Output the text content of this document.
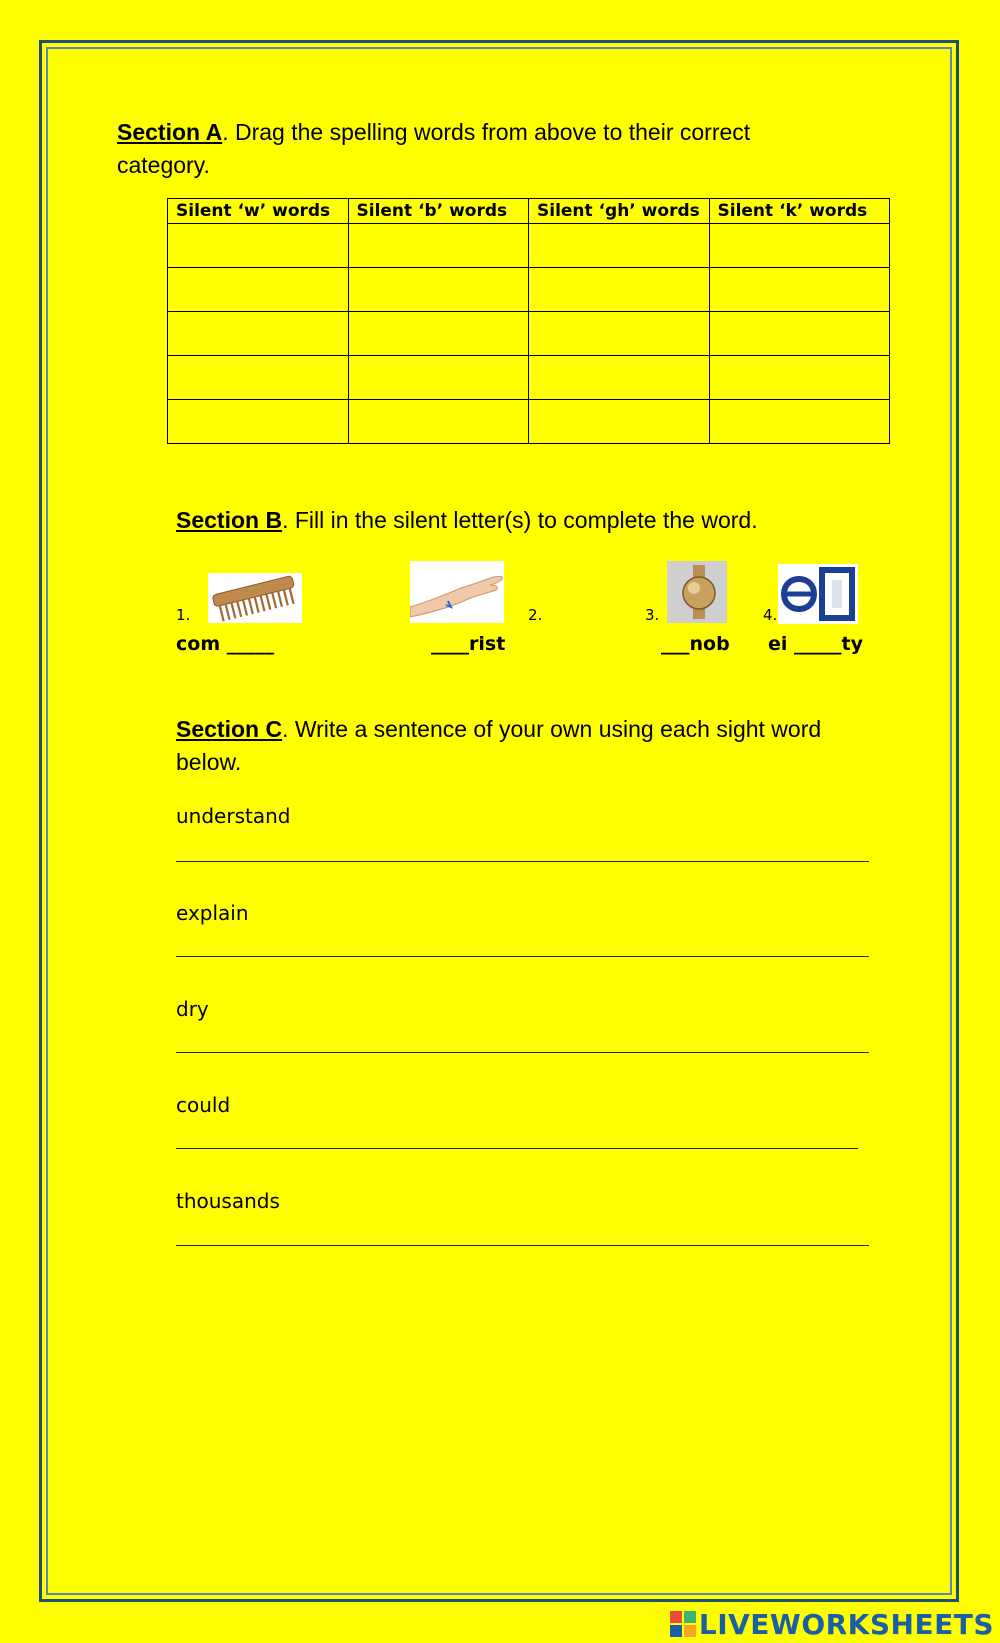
Section A. Drag the spelling words from above to their correct category.
Silent ‘w’ words	Silent ‘b’ words	Silent ‘gh’ words	Silent ‘k’ words

Section B. Fill in the silent letter(s) to complete the word.
1.	2.	3.	4.
com _____	____rist	___nob ei _____ty
Section C. Write a sentence of your own using each sight word below.
understand
explain
dry
could
thousands
LIVEWORKSHEETS
